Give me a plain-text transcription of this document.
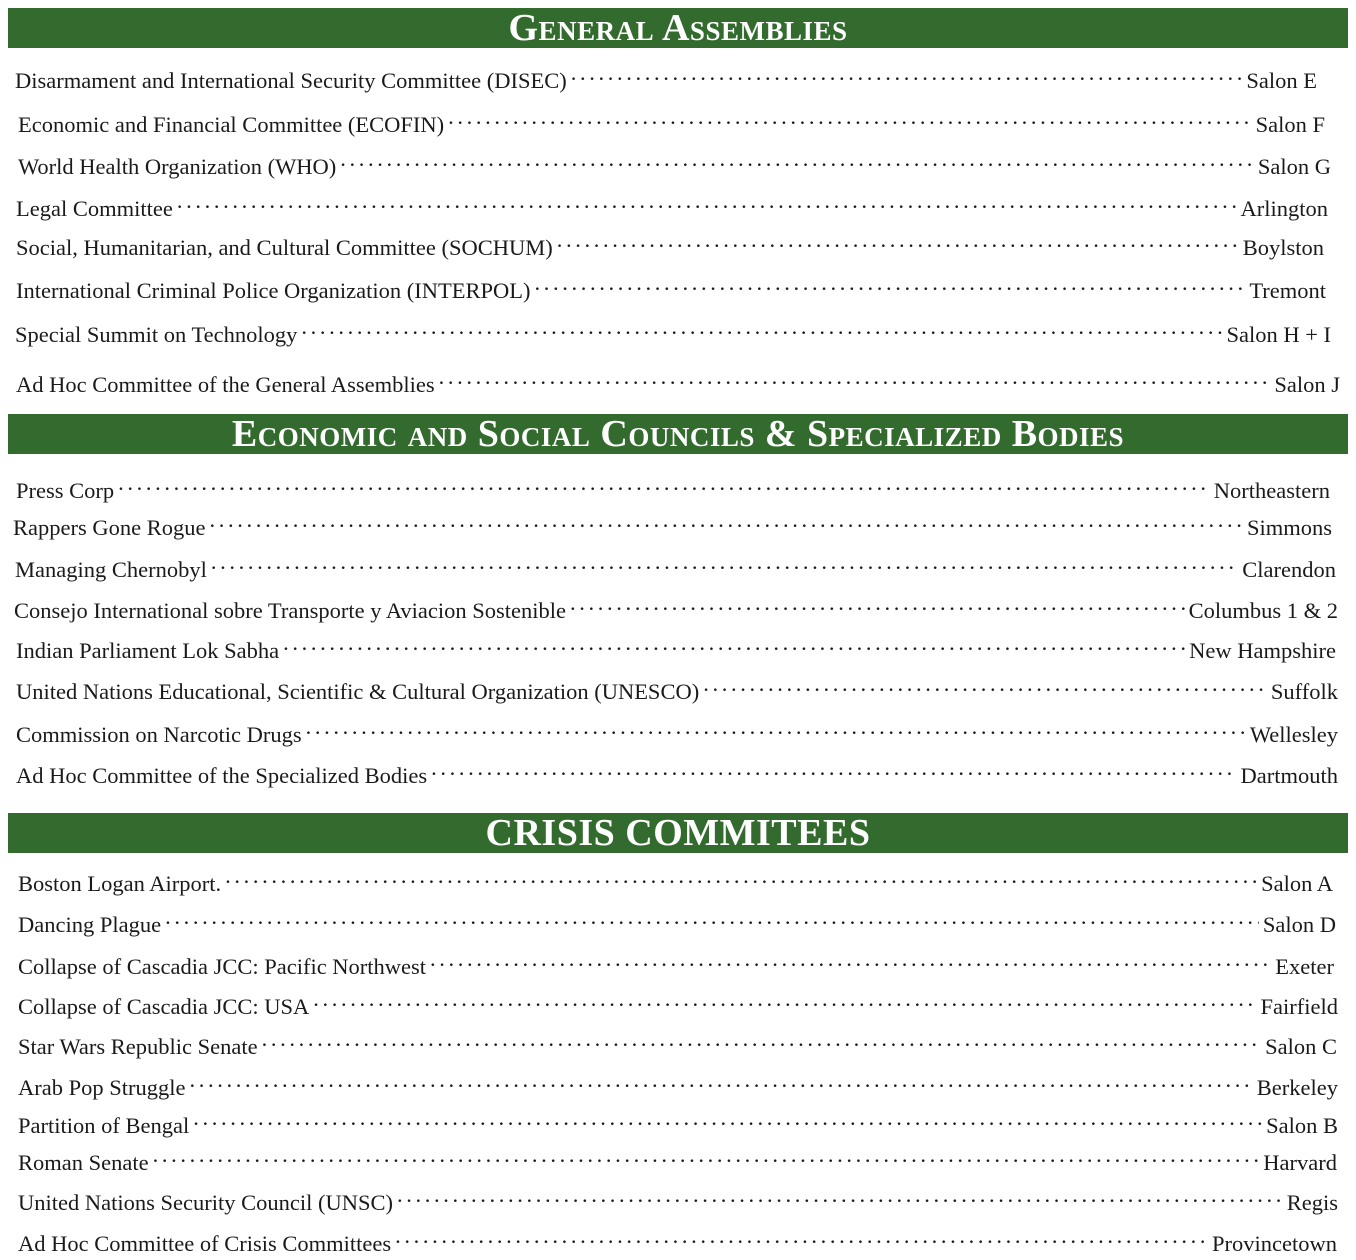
General Assemblies
Disarmament and International Security Committee (DISEC) . . .	Salon E
Economic and Financial Committee (ECOFIN) . . .	Salon F
World Health Organization (WHO) . . .	Salon G
Legal Committee . . .	Arlington
Social, Humanitarian, and Cultural Committee (SOCHUM) . . .	Boylston
International Criminal Police Organization (INTERPOL) . . .	Tremont
Special Summit on Technology . . .	Salon H + I
Ad Hoc Committee of the General Assemblies . . .	Salon J
Economic and Social Councils & Specialized Bodies
Press Corp . . .	Northeastern
Rappers Gone Rogue . . .	Simmons
Managing Chernobyl . . .	Clarendon
Consejo International sobre Transporte y Aviacion Sostenible . . .	Columbus 1 & 2
Indian Parliament Lok Sabha . . .	New Hampshire
United Nations Educational, Scientific & Cultural Organization (UNESCO) . . .	Suffolk
Commission on Narcotic Drugs . . .	Wellesley
Ad Hoc Committee of the Specialized Bodies . . .	Dartmouth
CRISIS COMMITEES
Boston Logan Airport. . . .	Salon A
Dancing Plague . . .	Salon D
Collapse of Cascadia JCC: Pacific Northwest . . .	Exeter
Collapse of Cascadia JCC: USA . . .	Fairfield
Star Wars Republic Senate . . .	Salon C
Arab Pop Struggle . . .	Berkeley
Partition of Bengal . . .	Salon B
Roman Senate . . .	Harvard
United Nations Security Council (UNSC) . . .	Regis
Ad Hoc Committee of Crisis Committees . . .	Provincetown
